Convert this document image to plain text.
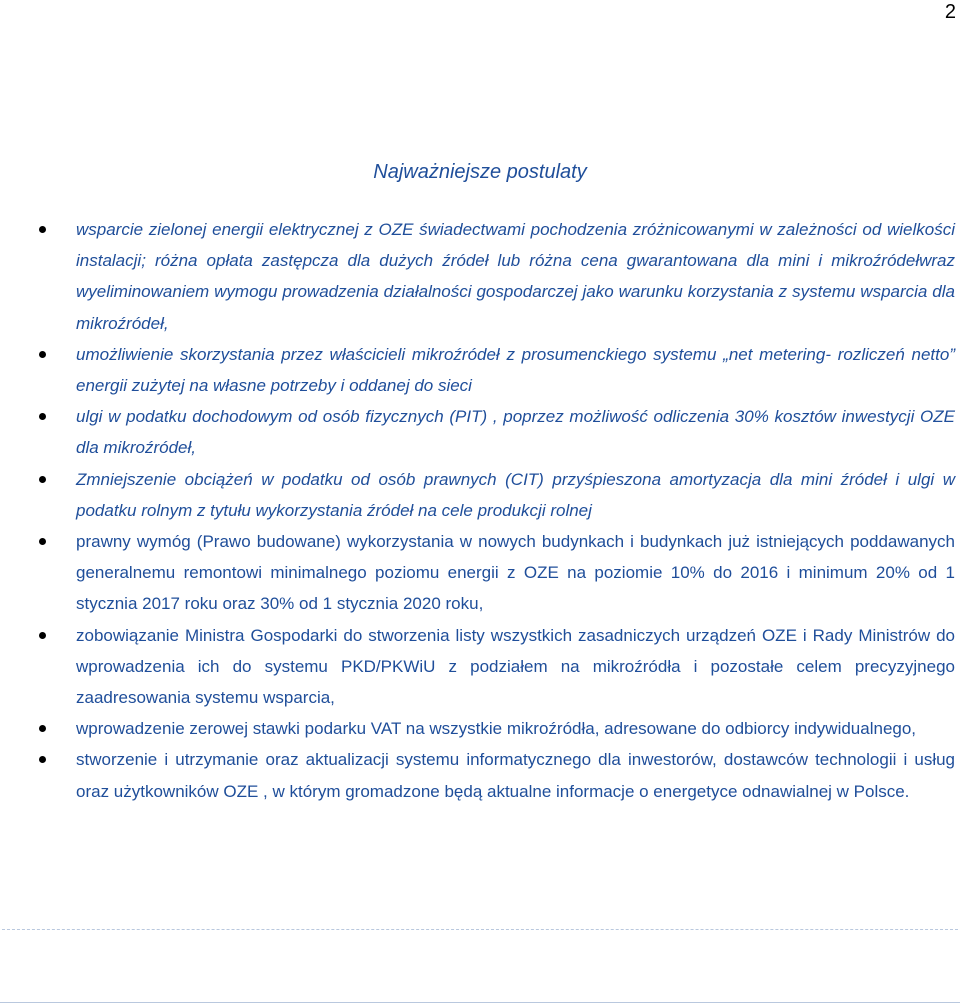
2
Najważniejsze postulaty
wsparcie zielonej energii elektrycznej z OZE świadectwami pochodzenia zróżnicowanymi w zależności od wielkości instalacji; różna opłata zastępcza dla dużych źródeł lub różna cena gwarantowana dla mini i mikroźródełwraz wyeliminowaniem wymogu prowadzenia działalności gospodarczej jako warunku korzystania z systemu wsparcia dla mikroźródeł,
umożliwienie skorzystania przez właścicieli mikroźródeł z prosumenckiego systemu „net metering- rozliczeń netto” energii zużytej na własne potrzeby i oddanej do sieci
ulgi w podatku dochodowym od osób fizycznych (PIT) , poprzez możliwość odliczenia 30% kosztów inwestycji OZE dla mikroźródeł,
Zmniejszenie obciążeń w podatku od osób prawnych (CIT) przyśpieszona amortyzacja dla mini źródeł i ulgi w podatku rolnym z tytułu wykorzystania źródeł na cele produkcji rolnej
prawny wymóg (Prawo budowane) wykorzystania w nowych budynkach i budynkach już istniejących poddawanych generalnemu remontowi minimalnego poziomu energii z OZE na poziomie 10% do 2016 i minimum 20% od 1 stycznia 2017 roku oraz 30% od 1 stycznia 2020 roku,
zobowiązanie Ministra Gospodarki do stworzenia listy wszystkich zasadniczych urządzeń OZE i Rady Ministrów do wprowadzenia ich do systemu PKD/PKWiU z podziałem na mikroźródła i pozostałe celem precyzyjnego zaadresowania systemu wsparcia,
wprowadzenie zerowej stawki podarku VAT na wszystkie mikroźródła, adresowane do odbiorcy indywidualnego,
stworzenie i utrzymanie oraz aktualizacji systemu informatycznego dla inwestorów, dostawców technologii i usług oraz użytkowników OZE , w którym gromadzone będą aktualne informacje o energetyce odnawialnej w Polsce.
